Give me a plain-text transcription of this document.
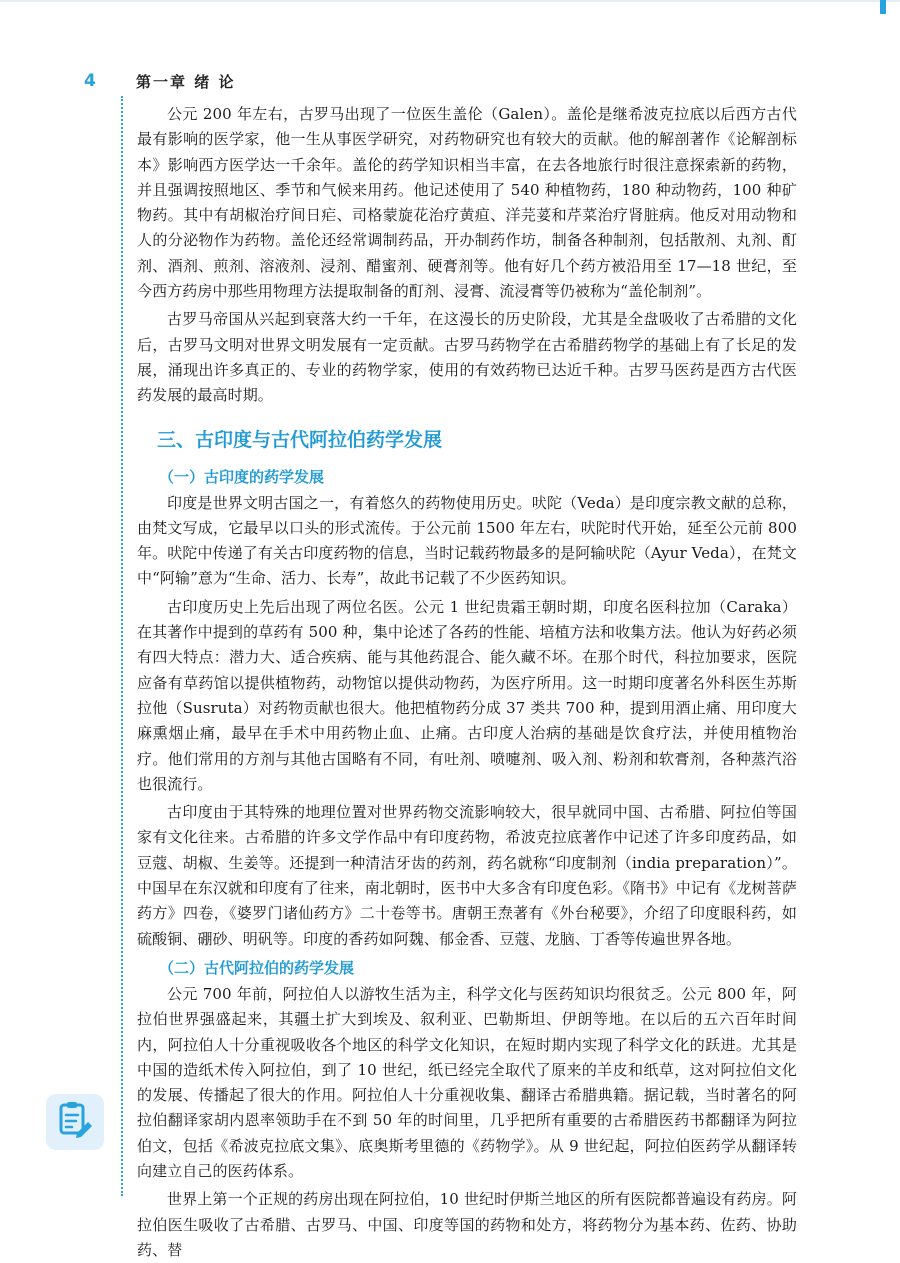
4	第一章 绪 论

公元 200 年左右，古罗马出现了一位医生盖伦（Galen）。盖伦是继希波克拉底以后西方古代最有影响的医学家，他一生从事医学研究，对药物研究也有较大的贡献。他的解剖著作《论解剖标本》影响西方医学达一千余年。盖伦的药学知识相当丰富，在去各地旅行时很注意探索新的药物，并且强调按照地区、季节和气候来用药。他记述使用了 540 种植物药，180 种动物药，100 种矿物药。其中有胡椒治疗间日疟、司格蒙旋花治疗黄疸、洋芫荽和芹菜治疗肾脏病。他反对用动物和人的分泌物作为药物。盖伦还经常调制药品，开办制药作坊，制备各种制剂，包括散剂、丸剂、酊剂、酒剂、煎剂、溶液剂、浸剂、醋蜜剂、硬膏剂等。他有好几个药方被沿用至 17—18 世纪，至今西方药房中那些用物理方法提取制备的酊剂、浸膏、流浸膏等仍被称为“盖伦制剂”。

古罗马帝国从兴起到衰落大约一千年，在这漫长的历史阶段，尤其是全盘吸收了古希腊的文化后，古罗马文明对世界文明发展有一定贡献。古罗马药物学在古希腊药物学的基础上有了长足的发展，涌现出许多真正的、专业的药物学家，使用的有效药物已达近千种。古罗马医药是西方古代医药发展的最高时期。

三、古印度与古代阿拉伯药学发展
（一）古印度的药学发展

印度是世界文明古国之一，有着悠久的药物使用历史。吠陀（Veda）是印度宗教文献的总称，由梵文写成，它最早以口头的形式流传。于公元前 1500 年左右，吠陀时代开始，延至公元前 800 年。吠陀中传递了有关古印度药物的信息，当时记载药物最多的是阿输吠陀（Ayur Veda），在梵文中“阿输”意为“生命、活力、长寿”，故此书记载了不少医药知识。

古印度历史上先后出现了两位名医。公元 1 世纪贵霜王朝时期，印度名医科拉加（Caraka）在其著作中提到的草药有 500 种，集中论述了各药的性能、培植方法和收集方法。他认为好药必须有四大特点：潜力大、适合疾病、能与其他药混合、能久藏不坏。在那个时代，科拉加要求，医院应备有草药馆以提供植物药，动物馆以提供动物药，为医疗所用。这一时期印度著名外科医生苏斯拉他（Susruta）对药物贡献也很大。他把植物药分成 37 类共 700 种，提到用酒止痛、用印度大麻熏烟止痛，最早在手术中用药物止血、止痛。古印度人治病的基础是饮食疗法，并使用植物治疗。他们常用的方剂与其他古国略有不同，有吐剂、喷嚏剂、吸入剂、粉剂和软膏剂，各种蒸汽浴也很流行。

古印度由于其特殊的地理位置对世界药物交流影响较大，很早就同中国、古希腊、阿拉伯等国家有文化往来。古希腊的许多文学作品中有印度药物，希波克拉底著作中记述了许多印度药品，如豆蔻、胡椒、生姜等。还提到一种清洁牙齿的药剂，药名就称“印度制剂（india preparation）”。中国早在东汉就和印度有了往来，南北朝时，医书中大多含有印度色彩。《隋书》中记有《龙树菩萨药方》四卷，《婆罗门诸仙药方》二十卷等书。唐朝王焘著有《外台秘要》，介绍了印度眼科药，如硫酸铜、硼砂、明矾等。印度的香药如阿魏、郁金香、豆蔻、龙脑、丁香等传遍世界各地。

（二）古代阿拉伯的药学发展

公元 700 年前，阿拉伯人以游牧生活为主，科学文化与医药知识均很贫乏。公元 800 年，阿拉伯世界强盛起来，其疆土扩大到埃及、叙利亚、巴勒斯坦、伊朗等地。在以后的五六百年时间内，阿拉伯人十分重视吸收各个地区的科学文化知识，在短时期内实现了科学文化的跃进。尤其是中国的造纸术传入阿拉伯，到了 10 世纪，纸已经完全取代了原来的羊皮和纸草，这对阿拉伯文化的发展、传播起了很大的作用。阿拉伯人十分重视收集、翻译古希腊典籍。据记载，当时著名的阿拉伯翻译家胡内恩率领助手在不到 50 年的时间里，几乎把所有重要的古希腊医药书都翻译为阿拉伯文，包括《希波克拉底文集》、底奥斯考里德的《药物学》。从 9 世纪起，阿拉伯医药学从翻译转向建立自己的医药体系。

世界上第一个正规的药房出现在阿拉伯，10 世纪时伊斯兰地区的所有医院都普遍设有药房。阿拉伯医生吸收了古希腊、古罗马、中国、印度等国的药物和处方，将药物分为基本药、佐药、协助药、替
